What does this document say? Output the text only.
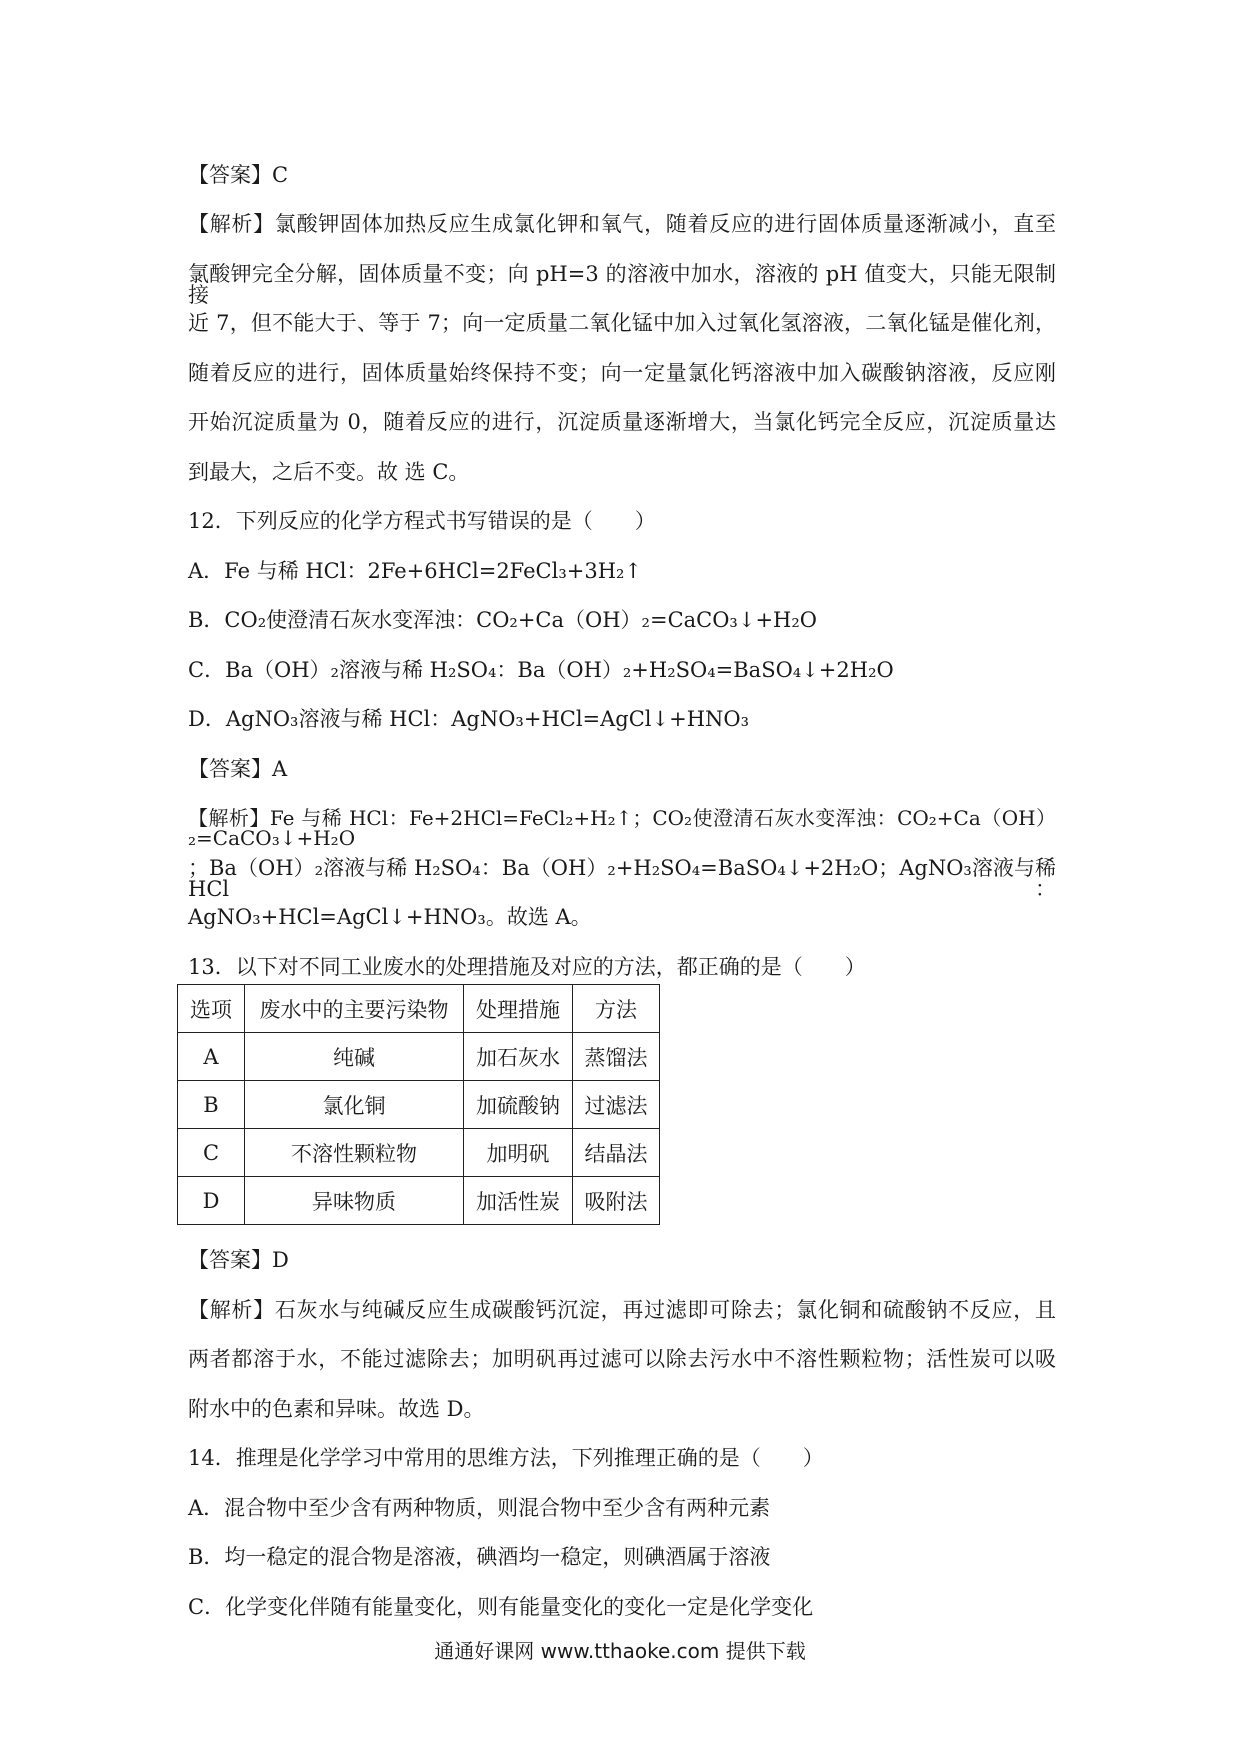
【答案】C
【解析】氯酸钾固体加热反应生成氯化钾和氧气，随着反应的进行固体质量逐渐减小，直至
氯酸钾完全分解，固体质量不变；向 pH=3 的溶液中加水，溶液的 pH 值变大，只能无限制接
近 7，但不能大于、等于 7；向一定质量二氧化锰中加入过氧化氢溶液，二氧化锰是催化剂，
随着反应的进行，固体质量始终保持不变；向一定量氯化钙溶液中加入碳酸钠溶液，反应刚
开始沉淀质量为 0，随着反应的进行，沉淀质量逐渐增大，当氯化钙完全反应，沉淀质量达
到最大，之后不变。故 选 C。
12．下列反应的化学方程式书写错误的是（　　）
A．Fe 与稀 HCl：2Fe+6HCl=2FeCl₃+3H₂↑
B．CO₂使澄清石灰水变浑浊：CO₂+Ca（OH）₂=CaCO₃↓+H₂O
C．Ba（OH）₂溶液与稀 H₂SO₄：Ba（OH）₂+H₂SO₄=BaSO₄↓+2H₂O
D．AgNO₃溶液与稀 HCl：AgNO₃+HCl=AgCl↓+HNO₃
【答案】A
【解析】Fe 与稀 HCl：Fe+2HCl=FeCl₂+H₂↑；CO₂使澄清石灰水变浑浊：CO₂+Ca（OH）₂=CaCO₃↓+H₂O
；Ba（OH）₂溶液与稀 H₂SO₄：Ba（OH）₂+H₂SO₄=BaSO₄↓+2H₂O；AgNO₃溶液与稀 HCl：
AgNO₃+HCl=AgCl↓+HNO₃。故选 A。
13．以下对不同工业废水的处理措施及对应的方法，都正确的是（　　）
选项	废水中的主要污染物	处理措施	方法
A	纯碱	加石灰水	蒸馏法
B	氯化铜	加硫酸钠	过滤法
C	不溶性颗粒物	加明矾	结晶法
D	异味物质	加活性炭	吸附法
【答案】D
【解析】石灰水与纯碱反应生成碳酸钙沉淀，再过滤即可除去；氯化铜和硫酸钠不反应，且
两者都溶于水，不能过滤除去；加明矾再过滤可以除去污水中不溶性颗粒物；活性炭可以吸
附水中的色素和异味。故选 D。
14．推理是化学学习中常用的思维方法，下列推理正确的是（　　）
A．混合物中至少含有两种物质，则混合物中至少含有两种元素
B．均一稳定的混合物是溶液，碘酒均一稳定，则碘酒属于溶液
C．化学变化伴随有能量变化，则有能量变化的变化一定是化学变化
通通好课网 www.tthaoke.com 提供下载
